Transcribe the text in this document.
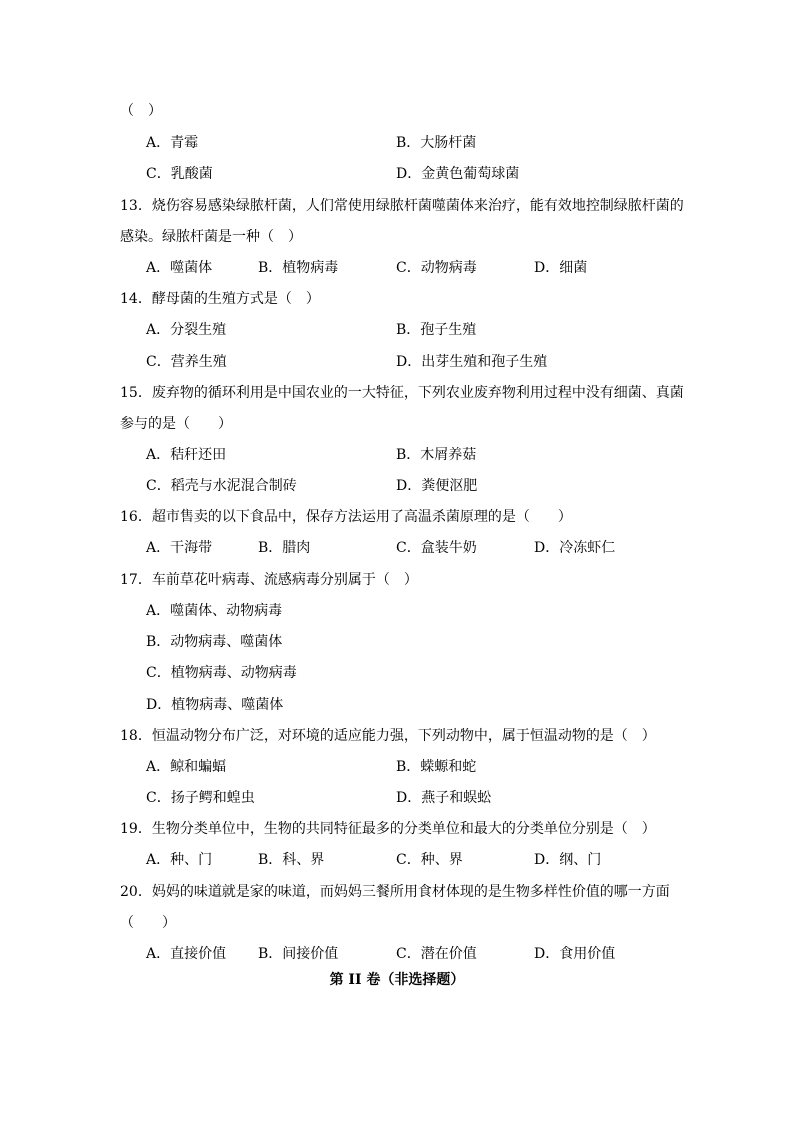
（　）
A．青霉	B．大肠杆菌
C．乳酸菌	D．金黄色葡萄球菌
13．烧伤容易感染绿脓杆菌，人们常使用绿脓杆菌噬菌体来治疗，能有效地控制绿脓杆菌的
感染。绿脓杆菌是一种（　）
A．噬菌体	B．植物病毒	C．动物病毒	D．细菌
14．酵母菌的生殖方式是（　）
A．分裂生殖	B．孢子生殖
C．营养生殖	D．出芽生殖和孢子生殖
15．废弃物的循环利用是中国农业的一大特征，下列农业废弃物利用过程中没有细菌、真菌
参与的是（　　）
A．秸秆还田	B．木屑养菇
C．稻壳与水泥混合制砖	D．粪便沤肥
16．超市售卖的以下食品中，保存方法运用了高温杀菌原理的是（　　）
A．干海带	B．腊肉	C．盒装牛奶	D．冷冻虾仁
17．车前草花叶病毒、流感病毒分别属于（　）
A．噬菌体、动物病毒
B．动物病毒、噬菌体
C．植物病毒、动物病毒
D．植物病毒、噬菌体
18．恒温动物分布广泛，对环境的适应能力强，下列动物中，属于恒温动物的是（　）
A．鲸和蝙蝠	B．蝾螈和蛇
C．扬子鳄和蝗虫	D．燕子和蜈蚣
19．生物分类单位中，生物的共同特征最多的分类单位和最大的分类单位分别是（　）
A．种、门	B．科、界	C．种、界	D．纲、门
20．妈妈的味道就是家的味道，而妈妈三餐所用食材体现的是生物多样性价值的哪一方面
（　　）
A．直接价值 B．间接价值	C．潜在价值	D．食用价值
第 II 卷（非选择题）
